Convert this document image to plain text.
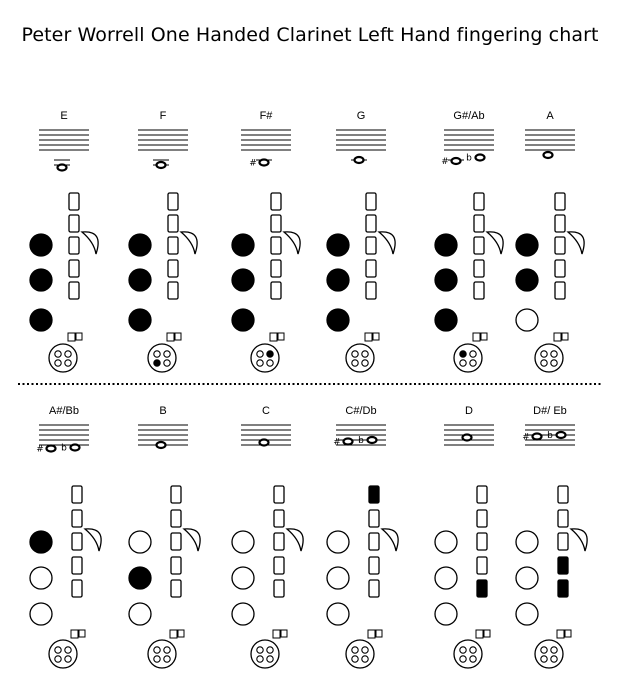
Peter Worrell One Handed Clarinet Left Hand fingering chart
E	F	F#
#
G	G#/Ab
# b
A
A#/Bb
# b
B	C	C#/Db
# b
D	D#/ Eb
# b
